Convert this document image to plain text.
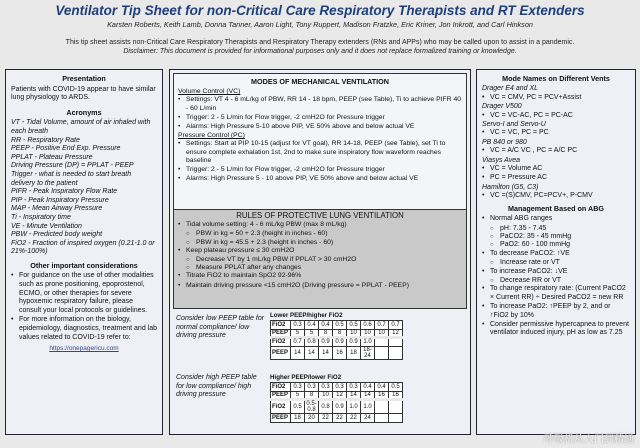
Ventilator Tip Sheet for non-Critical Care Respiratory Therapists and RT Extenders
Karsten Roberts, Keith Lamb, Donna Tanner, Aaron Light, Tony Ruppert, Madison Fratzke, Eric Kriner, Jon Inkrott, and Carl Hinkson
This tip sheet assists non-Critical Care Respiratory Therapists and Respiratory Therapy extenders (RNs and APPs) who may be called upon to assist in a pandemic.
Disclaimer: This document is provided for informational purposes only and it does not replace formalized training or knowledge.
Presentation
Patients with COVID-19 appear to have similar lung physiology to ARDS.
Acronyms
VT - Tidal Volume, amount of air inhaled with each breath
RR - Respiratory Rate
PEEP - Positive End Exp. Pressure
PPLAT - Plateau Pressure
Driving Pressure (DP) = PPLAT - PEEP
Trigger - what is needed to start breath delivery to the patient
PIFR - Peak Inspiratory Flow Rate
PIP - Peak Inspiratory Pressure
MAP - Mean Airway Pressure
Ti - Inspiratory time
VE - Minute Ventilation
PBW - Predicted body weight
FiO2 - Fraction of inspired oxygen (0.21-1.0 or 21%-100%)
Other important considerations
• For guidance on the use of other modalities such as prone positioning, epoprostenol, ECMO, or other therapies for severe hypoxemic respiratory failure, please consult your local protocols or guidelines.
• For more information on the biology, epidemiology, diagnostics, treatment and lab values related to COVID-19 refer to:
https://onepagericu.com
MODES OF MECHANICAL VENTILATION
Volume Control (VC)
• Settings: VT 4 - 6 mL/kg of PBW, RR 14 - 18 bpm, PEEP (see Table), Ti to achieve PIFR 40 - 60 L/min
• Trigger: 2 - 5 L/min for Flow trigger, -2 cmH2O for Pressure trigger
• Alarms: High Pressure 5-10 above PIP, VE 50% above and below actual VE
Pressure Control (PC)
• Settings: Start at PIP 10-15 (adjust for VT goal), RR 14-18, PEEP (see Table), set Ti to ensure complete exhalation 1st, 2nd to make sure inspiratory flow waveform reaches baseline
• Trigger: 2 - 5 L/min for Flow trigger, -2 cmH2O for Pressure trigger
• Alarms: High Pressure 5 - 10 above PIP, VE 50% above and below actual VE
RULES OF PROTECTIVE LUNG VENTILATION
• Tidal volume setting: 4 - 6 mL/kg PBW (max 8 mL/kg)
○ PBW in kg = 50 + 2.3 (height in inches - 60)
○ PBW in kg = 45.5 + 2.3 (height in inches - 60)
• Keep plateau pressure ≤ 30 cmH2O
○ Decrease VT by 1 mL/kg PBW if PPLAT > 30 cmH2O
○ Measure PPLAT after any changes
• Titrate FiO2 to maintain SpO2 92-96%
• Maintain driving pressure <15 cmH2O (Driving pressure = PPLAT - PEEP)
Consider low PEEP table for normal compliance/ low driving pressure
Lower PEEP/higher FiO2
FiO2	0.3	0.4	0.4	0.5	0.5	0.6	0.7	0.7
PEEP	5	5	8	8	10	10	10	12
FiO2	0.7	0.8	0.9	0.9	0.9	1.0		
PEEP	14	14	14	16	18	18-24		
Consider high PEEP table for low compliance/ high driving pressure
Higher PEEP/lower FiO2
FiO2	0.3	0.3	0.3	0.3	0.3	0.4	0.4	0.5
PEEP	5	8	10	12	14	14	16	16
FiO2	0.5	0.5-0.8	0.8	0.9	1.0	1.0		
PEEP	18	20	22	22	22	24		
Mode Names on Different Vents
Drager E4 and XL
• VC = CMV, PC = PCV+Assist
Drager V500
• VC = VC-AC, PC = PC-AC
Servo-I and Servo-U
• VC = VC, PC = PC
PB 840 or 980
• VC = A/C VC , PC = A/C PC
Viasys Avea
• VC = Volume AC
• PC = Pressure AC
Hamilton (G5, C3)
• VC =(S)CMV, PC=PCV+, P-CMV
Management Based on ABG
• Normal ABG ranges
○ pH: 7.35 - 7.45
○ PaCO2: 35 - 45 mmHg
○ PaO2: 60 - 100 mmHg
• To decrease PaCO2: ↑VE
○ Increase rate or VT
• To increase PaCO2: ↓VE
○ Decrease RR or VT
• To change respiratory rate: (Current PaCO2 × Current RR) ÷ Desired PaCO2 = new RR
• To increase PaO2: ↑PEEP by 2, and or ↑FiO2 by 10%
• Consider permissive hypercapnea to prevent ventilator induced injury, pH as low as 7.25
呼吸机从入门到精通
